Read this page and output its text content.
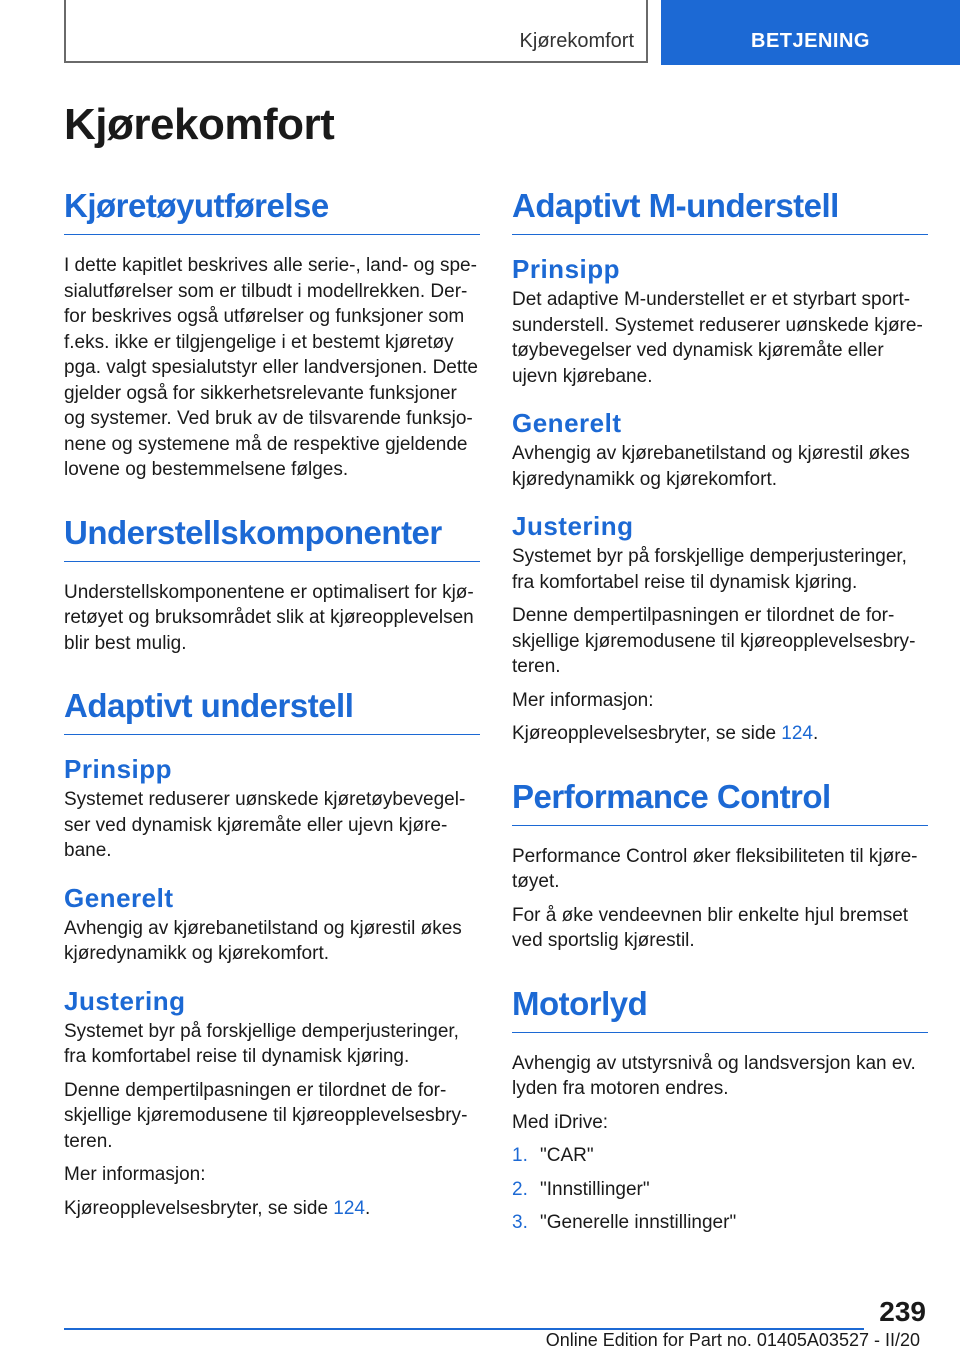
Kjørekomfort	BETJENING
Kjørekomfort
Kjøretøyutførelse

I dette kapitlet beskrives alle serie-, land- og spesialutførelser som er tilbudt i modellrekken. Derfor beskrives også utførelser og funksjoner som f.eks. ikke er tilgjengelige i et bestemt kjøretøy pga. valgt spesialutstyr eller landversjonen. Dette gjelder også for sikkerhetsrelevante funksjoner og systemer. Ved bruk av de tilsvarende funksjonene og systemene må de respektive gjeldende lovene og bestemmelsene følges.

Understellskomponenter

Understellskomponentene er optimalisert for kjøretøyet og bruksområdet slik at kjøreopplevelsen blir best mulig.

Adaptivt understell
Prinsipp

Systemet reduserer uønskede kjøretøybevegelser ved dynamisk kjøremåte eller ujevn kjørebane.

Generelt

Avhengig av kjørebanetilstand og kjørestil økes kjøredynamikk og kjørekomfort.

Justering

Systemet byr på forskjellige demperjusteringer, fra komfortabel reise til dynamisk kjøring.

Denne dempertilpasningen er tilordnet de forskjellige kjøremodusene til kjøreopplevelsesbryteren.

Mer informasjon:

Kjøreopplevelsesbryter, se side 124.

Adaptivt M-understell
Prinsipp

Det adaptive M-understellet er et styrbart sportsunderstell. Systemet reduserer uønskede kjøretøybevegelser ved dynamisk kjøremåte eller ujevn kjørebane.

Generelt

Avhengig av kjørebanetilstand og kjørestil økes kjøredynamikk og kjørekomfort.

Justering

Systemet byr på forskjellige demperjusteringer, fra komfortabel reise til dynamisk kjøring.

Denne dempertilpasningen er tilordnet de forskjellige kjøremodusene til kjøreopplevelsesbryteren.

Mer informasjon:

Kjøreopplevelsesbryter, se side 124.

Performance Control

Performance Control øker fleksibiliteten til kjøretøyet.

For å øke vendeevnen blir enkelte hjul bremset ved sportslig kjørestil.

Motorlyd

Avhengig av utstyrsnivå og landsversjon kan ev. lyden fra motoren endres.

Med iDrive:

1. "CAR"
2. "Innstillinger"
3. "Generelle innstillinger"
239
Online Edition for Part no. 01405A03527 - II/20
